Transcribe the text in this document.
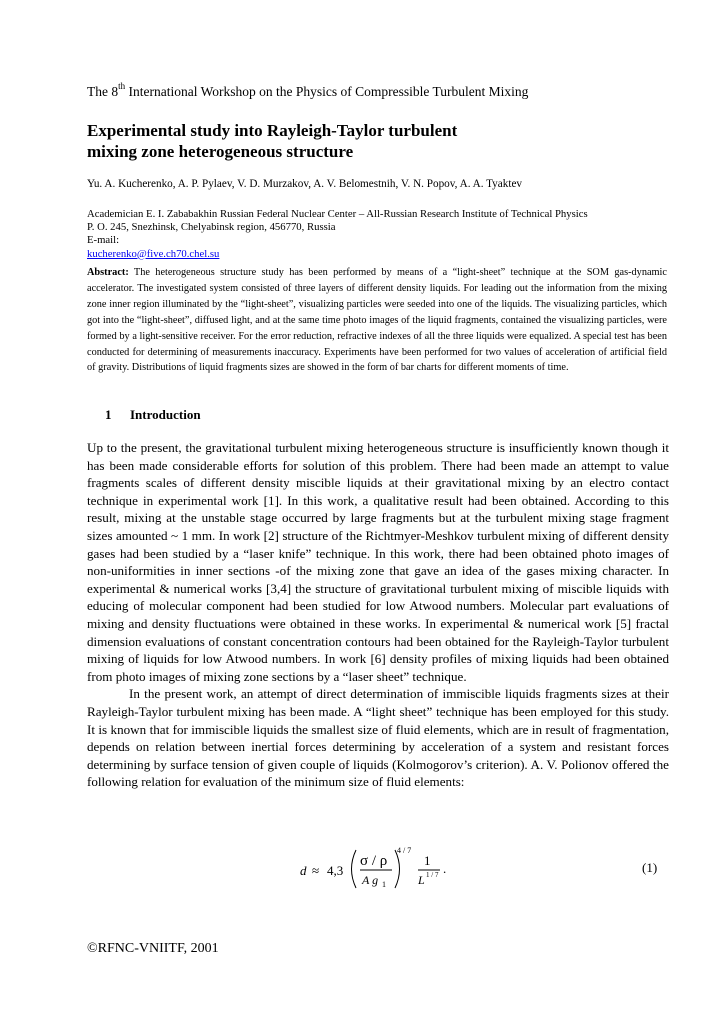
The 8th International Workshop on the Physics of Compressible Turbulent Mixing
Experimental study into Rayleigh-Taylor turbulent
mixing zone heterogeneous structure
Yu. A. Kucherenko, A. P. Pylaev, V. D. Murzakov, A. V. Belomestnih, V. N. Popov, A. A. Tyaktev
Academician E. I. Zababakhin Russian Federal Nuclear Center – All-Russian Research Institute of Technical Physics
P. O. 245, Snezhinsk, Chelyabinsk region, 456770, Russia
E-mail:
kucherenko@five.ch70.chel.su

Abstract: The heterogeneous structure study has been performed by means of a “light-sheet” technique at the SOM gas-dynamic accelerator. The investigated system consisted of three layers of different density liquids. For leading out the information from the mixing zone inner region illuminated by the “light-sheet”, visualizing particles were seeded into one of the liquids. The visualizing particles, which got into the “light-sheet”, diffused light, and at the same time photo images of the liquid fragments, contained the visualizing particles, were formed by a light-sensitive receiver. For the error reduction, refractive indexes of all the three liquids were equalized. A special test has been conducted for determining of measurements inaccuracy. Experiments have been performed for two values of acceleration of artificial field of gravity. Distributions of liquid fragments sizes are showed in the form of bar charts for different moments of time.

1 Introduction

Up to the present, the gravitational turbulent mixing heterogeneous structure is insufficiently known though it has been made considerable efforts for solution of this problem. There had been made an attempt to value fragments scales of different density miscible liquids at their gravitational mixing by an electro contact technique in experimental work [1]. In this work, a qualitative result had been obtained. According to this result, mixing at the unstable stage occurred by large fragments but at the turbulent mixing stage fragment sizes amounted ~ 1 mm. In work [2] structure of the Richtmyer-Meshkov turbulent mixing of different density gases had been studied by a “laser knife” technique. In this work, there had been obtained photo images of non-uniformities in inner sections -of the mixing zone that gave an idea of the gases mixing character. In experimental & numerical works [3,4] the structure of gravitational turbulent mixing of miscible liquids with educing of molecular component had been studied for low Atwood numbers. Molecular part evaluations of mixing and density fluctuations were obtained in these works. In experimental & numerical work [5] fractal dimension evaluations of constant concentration contours had been obtained for the Rayleigh-Taylor turbulent mixing of liquids for low Atwood numbers. In work [6] density profiles of mixing liquids had been obtained from photo images of mixing zone sections by a “laser sheet” technique.

In the present work, an attempt of direct determination of immiscible liquids fragments sizes at their Rayleigh-Taylor turbulent mixing has been made. A “light sheet” technique has been employed for this study. It is known that for immiscible liquids the smallest size of fluid elements, which are in result of fragmentation, depends on relation between inertial forces determining by acceleration of a system and resistant forces determining by surface tension of given couple of liquids (Kolmogorov’s criterion). A. V. Polionov offered the following relation for evaluation of the minimum size of fluid elements:

d ≈ 4,3
σ / ρ
A g 1
4 / 7
1
L 1 / 7 .	(1)
©RFNC-VNIITF, 2001
